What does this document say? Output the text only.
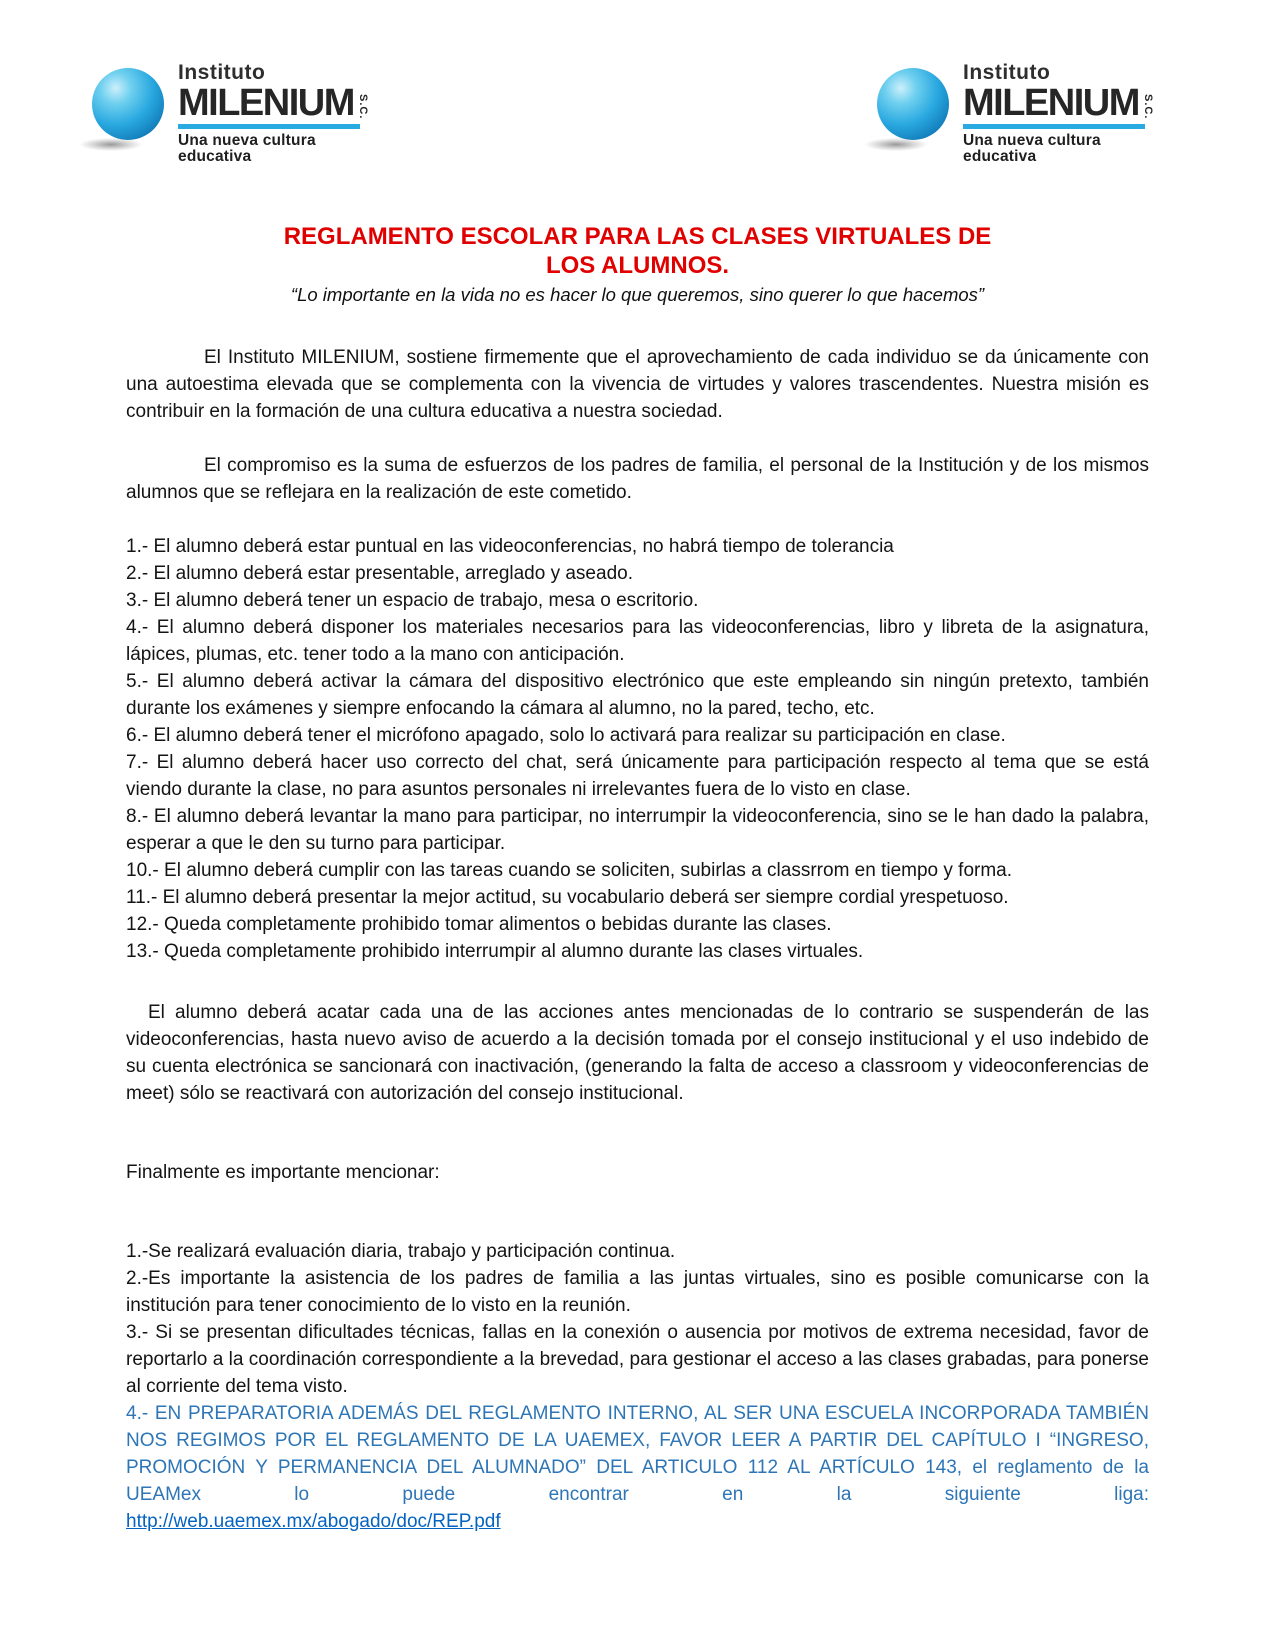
Instituto
MILENIUM S.C.
Una nueva cultura educativa
Instituto
MILENIUM S.C.
Una nueva cultura educativa
REGLAMENTO ESCOLAR PARA LAS CLASES VIRTUALES DE LOS ALUMNOS.

“Lo importante en la vida no es hacer lo que queremos, sino querer lo que hacemos”

El Instituto MILENIUM, sostiene firmemente que el aprovechamiento de cada individuo se da únicamente con una autoestima elevada que se complementa con la vivencia de virtudes y valores trascendentes. Nuestra misión es contribuir en la formación de una cultura educativa a nuestra sociedad.

El compromiso es la suma de esfuerzos de los padres de familia, el personal de la Institución y de los mismos alumnos que se reflejara en la realización de este cometido.

1.- El alumno deberá estar puntual en las videoconferencias, no habrá tiempo de tolerancia

2.- El alumno deberá estar presentable, arreglado y aseado.

3.- El alumno deberá tener un espacio de trabajo, mesa o escritorio.

4.- El alumno deberá disponer los materiales necesarios para las videoconferencias, libro y libreta de la asignatura, lápices, plumas, etc. tener todo a la mano con anticipación.

5.- El alumno deberá activar la cámara del dispositivo electrónico que este empleando sin ningún pretexto, también durante los exámenes y siempre enfocando la cámara al alumno, no la pared, techo, etc.

6.- El alumno deberá tener el micrófono apagado, solo lo activará para realizar su participación en clase.

7.- El alumno deberá hacer uso correcto del chat, será únicamente para participación respecto al tema que se está viendo durante la clase, no para asuntos personales ni irrelevantes fuera de lo visto en clase.

8.- El alumno deberá levantar la mano para participar, no interrumpir la videoconferencia, sino se le han dado la palabra, esperar a que le den su turno para participar.

10.- El alumno deberá cumplir con las tareas cuando se soliciten, subirlas a classrrom en tiempo y forma.

11.- El alumno deberá presentar la mejor actitud, su vocabulario deberá ser siempre cordial yrespetuoso.

12.- Queda completamente prohibido tomar alimentos o bebidas durante las clases.

13.- Queda completamente prohibido interrumpir al alumno durante las clases virtuales.

El alumno deberá acatar cada una de las acciones antes mencionadas de lo contrario se suspenderán de las videoconferencias, hasta nuevo aviso de acuerdo a la decisión tomada por el consejo institucional y el uso indebido de su cuenta electrónica se sancionará con inactivación, (generando la falta de acceso a classroom y videoconferencias de meet) sólo se reactivará con autorización del consejo institucional.

Finalmente es importante mencionar:

1.-Se realizará evaluación diaria, trabajo y participación continua.

2.-Es importante la asistencia de los padres de familia a las juntas virtuales, sino es posible comunicarse con la institución para tener conocimiento de lo visto en la reunión.

3.- Si se presentan dificultades técnicas, fallas en la conexión o ausencia por motivos de extrema necesidad, favor de reportarlo a la coordinación correspondiente a la brevedad, para gestionar el acceso a las clases grabadas, para ponerse al corriente del tema visto.

4.- EN PREPARATORIA ADEMÁS DEL REGLAMENTO INTERNO, AL SER UNA ESCUELA INCORPORADA TAMBIÉN NOS REGIMOS POR EL REGLAMENTO DE LA UAEMEX, FAVOR LEER A PARTIR DEL CAPÍTULO I “INGRESO, PROMOCIÓN Y PERMANENCIA DEL ALUMNADO” DEL ARTICULO 112 AL ARTÍCULO 143, el reglamento de la UEAMex lo puede encontrar en la siguiente liga:

http://web.uaemex.mx/abogado/doc/REP.pdf
